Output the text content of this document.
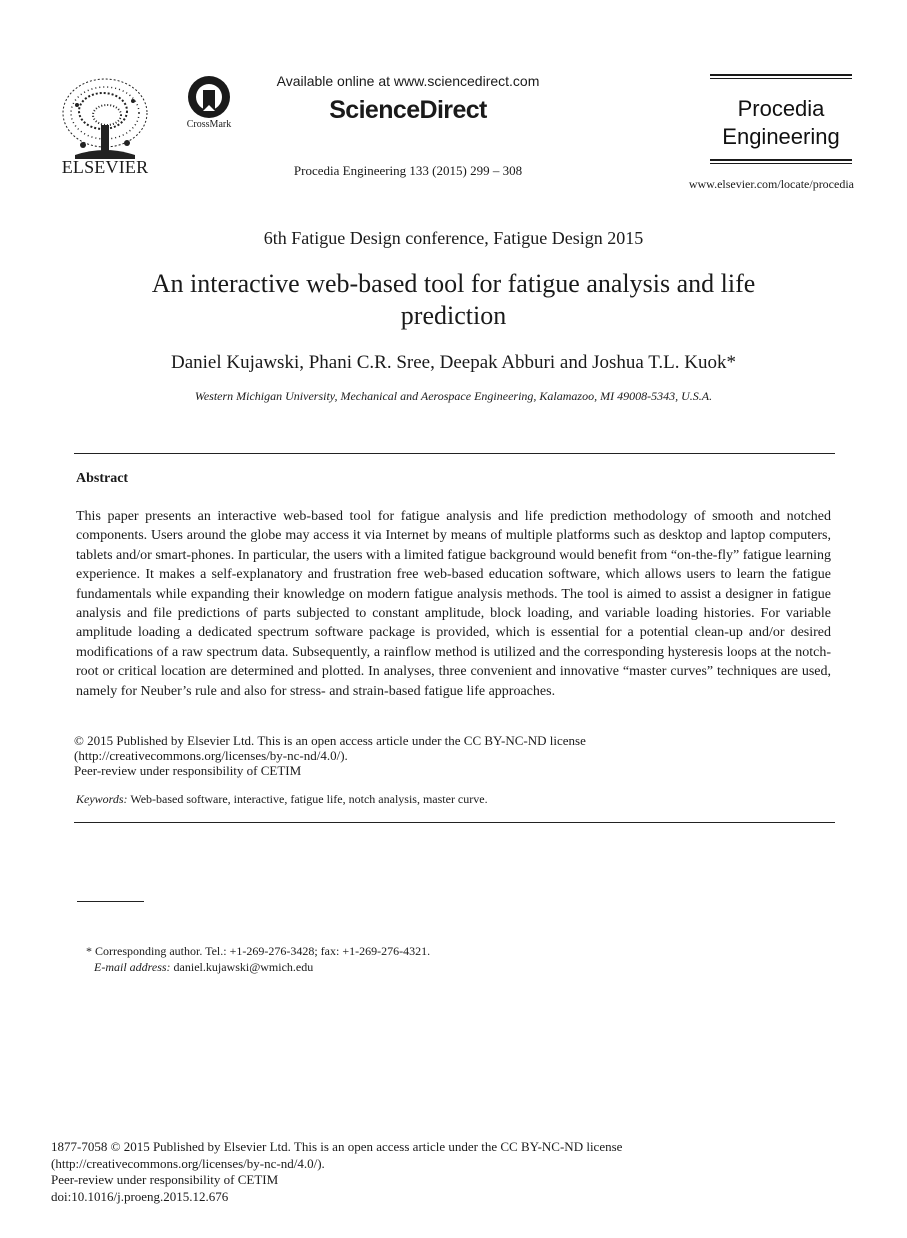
ELSEVIER
CrossMark
Available online at www.sciencedirect.com
ScienceDirect
Procedia Engineering 133 (2015) 299 – 308
Procedia
Engineering
www.elsevier.com/locate/procedia
6th Fatigue Design conference, Fatigue Design 2015
An interactive web-based tool for fatigue analysis and life
prediction
Daniel Kujawski, Phani C.R. Sree, Deepak Abburi and Joshua T.L. Kuok*
Western Michigan University, Mechanical and Aerospace Engineering, Kalamazoo, MI 49008-5343, U.S.A.
Abstract
This paper presents an interactive web-based tool for fatigue analysis and life prediction methodology of smooth and notched components. Users around the globe may access it via Internet by means of multiple platforms such as desktop and laptop computers, tablets and/or smart-phones. In particular, the users with a limited fatigue background would benefit from “on-the-fly” fatigue learning experience. It makes a self-explanatory and frustration free web-based education software, which allows users to learn the fatigue fundamentals while expanding their knowledge on modern fatigue analysis methods. The tool is aimed to assist a designer in fatigue analysis and file predictions of parts subjected to constant amplitude, block loading, and variable loading histories. For variable amplitude loading a dedicated spectrum software package is provided, which is essential for a potential clean-up and/or desired modifications of a raw spectrum data. Subsequently, a rainflow method is utilized and the corresponding hysteresis loops at the notch-root or critical location are determined and plotted. In analyses, three convenient and innovative “master curves” techniques are used, namely for Neuber’s rule and also for stress- and strain-based fatigue life approaches.
© 2015 Published by Elsevier Ltd. This is an open access article under the CC BY-NC-ND license
(http://creativecommons.org/licenses/by-nc-nd/4.0/).
Peer-review under responsibility of CETIM
Keywords: Web-based software, interactive, fatigue life, notch analysis, master curve.
* Corresponding author. Tel.: +1-269-276-3428; fax: +1-269-276-4321.
E-mail address: daniel.kujawski@wmich.edu
1877-7058 © 2015 Published by Elsevier Ltd. This is an open access article under the CC BY-NC-ND license
(http://creativecommons.org/licenses/by-nc-nd/4.0/).
Peer-review under responsibility of CETIM
doi:10.1016/j.proeng.2015.12.676
